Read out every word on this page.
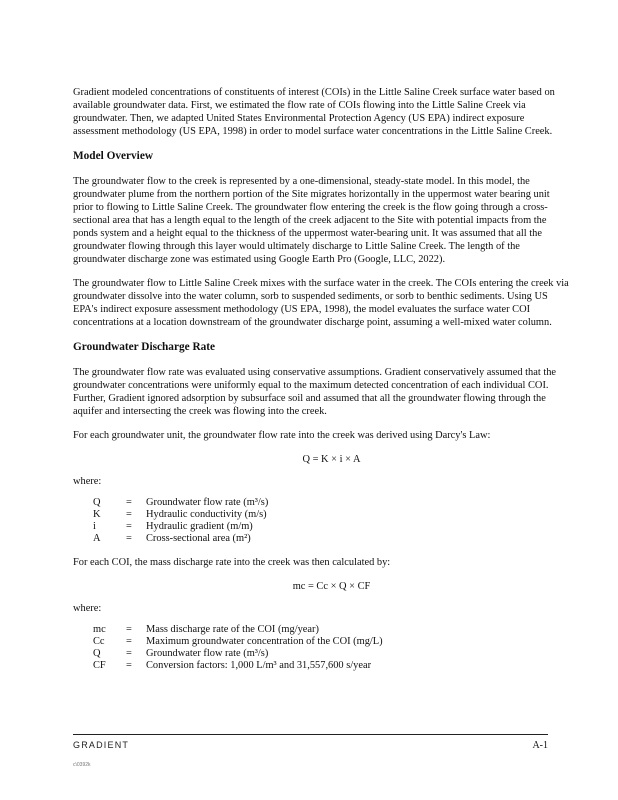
Gradient modeled concentrations of constituents of interest (COIs) in the Little Saline Creek surface water based on available groundwater data. First, we estimated the flow rate of COIs flowing into the Little Saline Creek via groundwater. Then, we adapted United States Environmental Protection Agency (US EPA) indirect exposure assessment methodology (US EPA, 1998) in order to model surface water concentrations in the Little Saline Creek.

Model Overview

The groundwater flow to the creek is represented by a one-dimensional, steady-state model. In this model, the groundwater plume from the northern portion of the Site migrates horizontally in the uppermost water bearing unit prior to flowing to Little Saline Creek. The groundwater flow entering the creek is the flow going through a cross-sectional area that has a length equal to the length of the creek adjacent to the Site with potential impacts from the ponds system and a height equal to the thickness of the uppermost water-bearing unit. It was assumed that all the groundwater flowing through this layer would ultimately discharge to Little Saline Creek. The length of the groundwater discharge zone was estimated using Google Earth Pro (Google, LLC, 2022).

The groundwater flow to Little Saline Creek mixes with the surface water in the creek. The COIs entering the creek via groundwater dissolve into the water column, sorb to suspended sediments, or sorb to benthic sediments. Using US EPA's indirect exposure assessment methodology (US EPA, 1998), the model evaluates the surface water COI concentrations at a location downstream of the groundwater discharge point, assuming a well-mixed water column.

Groundwater Discharge Rate

The groundwater flow rate was evaluated using conservative assumptions. Gradient conservatively assumed that the groundwater concentrations were uniformly equal to the maximum detected concentration of each individual COI. Further, Gradient ignored adsorption by subsurface soil and assumed that all the groundwater flowing through the aquifer and intersecting the creek was flowing into the creek.

For each groundwater unit, the groundwater flow rate into the creek was derived using Darcy's Law:

Q = K × i × A

where:

Q	=	Groundwater flow rate (m³/s)
K	=	Hydraulic conductivity (m/s)
i	=	Hydraulic gradient (m/m)
A	=	Cross-sectional area (m²)

For each COI, the mass discharge rate into the creek was then calculated by:

mc = Cc × Q × CF

where:

mc	=	Mass discharge rate of the COI (mg/year)
Cc	=	Maximum groundwater concentration of the COI (mg/L)
Q	=	Groundwater flow rate (m³/s)
CF	=	Conversion factors: 1,000 L/m³ and 31,557,600 s/year
GRADIENT	A-1
c\0392k
